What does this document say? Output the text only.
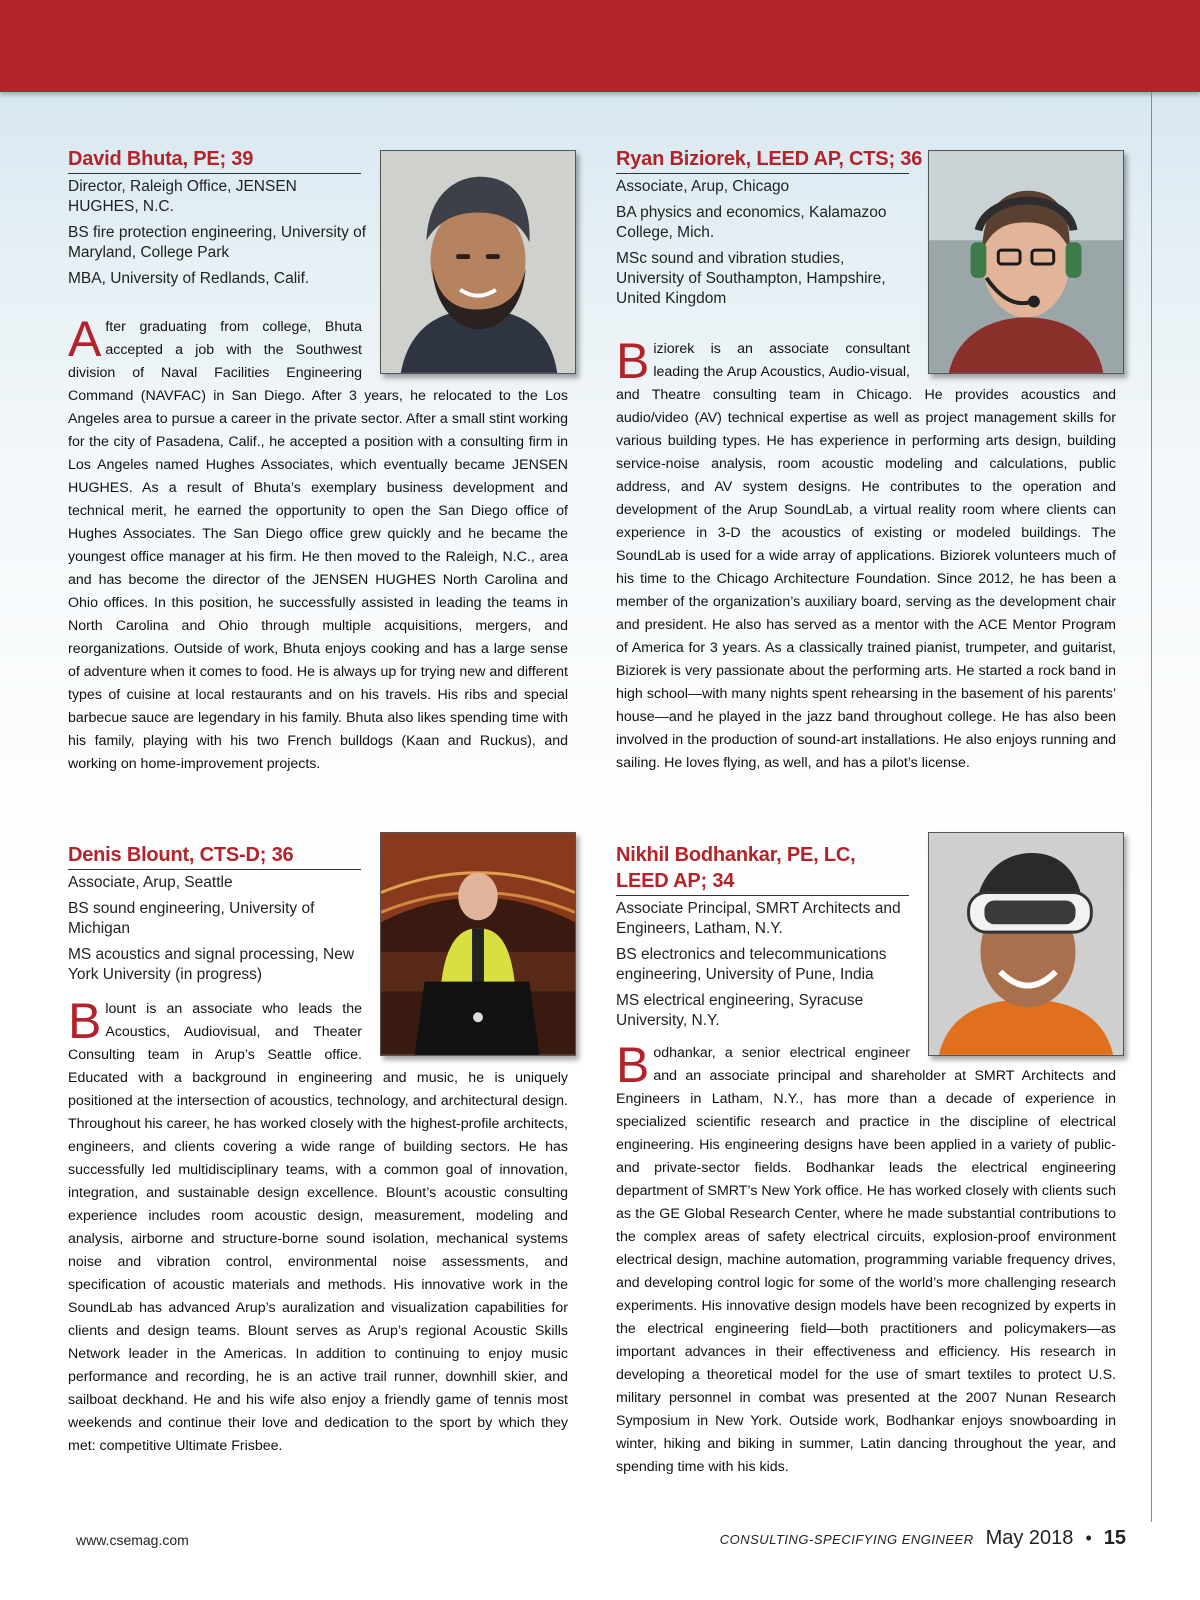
David Bhuta, PE; 39

Director, Raleigh Office, JENSEN HUGHES, N.C.

BS fire protection engineering, University of Maryland, College Park

MBA, University of Redlands, Calif.

After graduating from college, Bhuta accepted a job with the Southwest division of Naval Facilities Engineering Command (NAVFAC) in San Diego. After 3 years, he relocated to the Los Angeles area to pursue a career in the private sector. After a small stint working for the city of Pasadena, Calif., he accepted a position with a consulting firm in Los Angeles named Hughes Associates, which eventually became JENSEN HUGHES. As a result of Bhuta’s exemplary business development and technical merit, he earned the opportunity to open the San Diego office of Hughes Associates. The San Diego office grew quickly and he became the youngest office manager at his firm. He then moved to the Raleigh, N.C., area and has become the director of the JENSEN HUGHES North Carolina and Ohio offices. In this position, he successfully assisted in leading the teams in North Carolina and Ohio through multiple acquisitions, mergers, and reorganizations. Outside of work, Bhuta enjoys cooking and has a large sense of adventure when it comes to food. He is always up for trying new and different types of cuisine at local restaurants and on his travels. His ribs and special barbecue sauce are legendary in his family. Bhuta also likes spending time with his family, playing with his two French bulldogs (Kaan and Ruckus), and working on home-improvement projects.
Ryan Biziorek, LEED AP, CTS; 36

Associate, Arup, Chicago

BA physics and economics, Kalamazoo College, Mich.

MSc sound and vibration studies, University of Southampton, Hampshire, United Kingdom

Biziorek is an associate consultant leading the Arup Acoustics, Audio-visual, and Theatre consulting team in Chicago. He provides acoustics and audio/video (AV) technical expertise as well as project management skills for various building types. He has experience in performing arts design, building service-noise analysis, room acoustic modeling and calculations, public address, and AV system designs. He contributes to the operation and development of the Arup SoundLab, a virtual reality room where clients can experience in 3-D the acoustics of existing or modeled buildings. The SoundLab is used for a wide array of applications. Biziorek volunteers much of his time to the Chicago Architecture Foundation. Since 2012, he has been a member of the organization’s auxiliary board, serving as the development chair and president. He also has served as a mentor with the ACE Mentor Program of America for 3 years. As a classically trained pianist, trumpeter, and guitarist, Biziorek is very passionate about the performing arts. He started a rock band in high school—with many nights spent rehearsing in the basement of his parents’ house—and he played in the jazz band throughout college. He has also been involved in the production of sound-art installations. He also enjoys running and sailing. He loves flying, as well, and has a pilot’s license.
Denis Blount, CTS-D; 36

Associate, Arup, Seattle

BS sound engineering, University of Michigan

MS acoustics and signal processing, New York University (in progress)

Blount is an associate who leads the Acoustics, Audiovisual, and Theater Consulting team in Arup’s Seattle office. Educated with a background in engineering and music, he is uniquely positioned at the intersection of acoustics, technology, and architectural design. Throughout his career, he has worked closely with the highest-profile architects, engineers, and clients covering a wide range of building sectors. He has successfully led multidisciplinary teams, with a common goal of innovation, integration, and sustainable design excellence. Blount’s acoustic consulting experience includes room acoustic design, measurement, modeling and analysis, airborne and structure-borne sound isolation, mechanical systems noise and vibration control, environmental noise assessments, and specification of acoustic materials and methods. His innovative work in the SoundLab has advanced Arup’s auralization and visualization capabilities for clients and design teams. Blount serves as Arup’s regional Acoustic Skills Network leader in the Americas. In addition to continuing to enjoy music performance and recording, he is an active trail runner, downhill skier, and sailboat deckhand. He and his wife also enjoy a friendly game of tennis most weekends and continue their love and dedication to the sport by which they met: competitive Ultimate Frisbee.
Nikhil Bodhankar, PE, LC, LEED AP; 34

Associate Principal, SMRT Architects and Engineers, Latham, N.Y.

BS electronics and telecommunications engineering, University of Pune, India

MS electrical engineering, Syracuse University, N.Y.

Bodhankar, a senior electrical engineer and an associate principal and shareholder at SMRT Architects and Engineers in Latham, N.Y., has more than a decade of experience in specialized scientific research and practice in the discipline of electrical engineering. His engineering designs have been applied in a variety of public- and private-sector fields. Bodhankar leads the electrical engineering department of SMRT’s New York office. He has worked closely with clients such as the GE Global Research Center, where he made substantial contributions to the complex areas of safety electrical circuits, explosion-proof environment electrical design, machine automation, programming variable frequency drives, and developing control logic for some of the world’s more challenging research experiments. His innovative design models have been recognized by experts in the electrical engineering field—both practitioners and policymakers—as important advances in their effectiveness and efficiency. His research in developing a theoretical model for the use of smart textiles to protect U.S. military personnel in combat was presented at the 2007 Nunan Research Symposium in New York. Outside work, Bodhankar enjoys snowboarding in winter, hiking and biking in summer, Latin dancing throughout the year, and spending time with his kids.
www.csemag.com	CONSULTING-SPECIFYING ENGINEER May 2018 • 15
